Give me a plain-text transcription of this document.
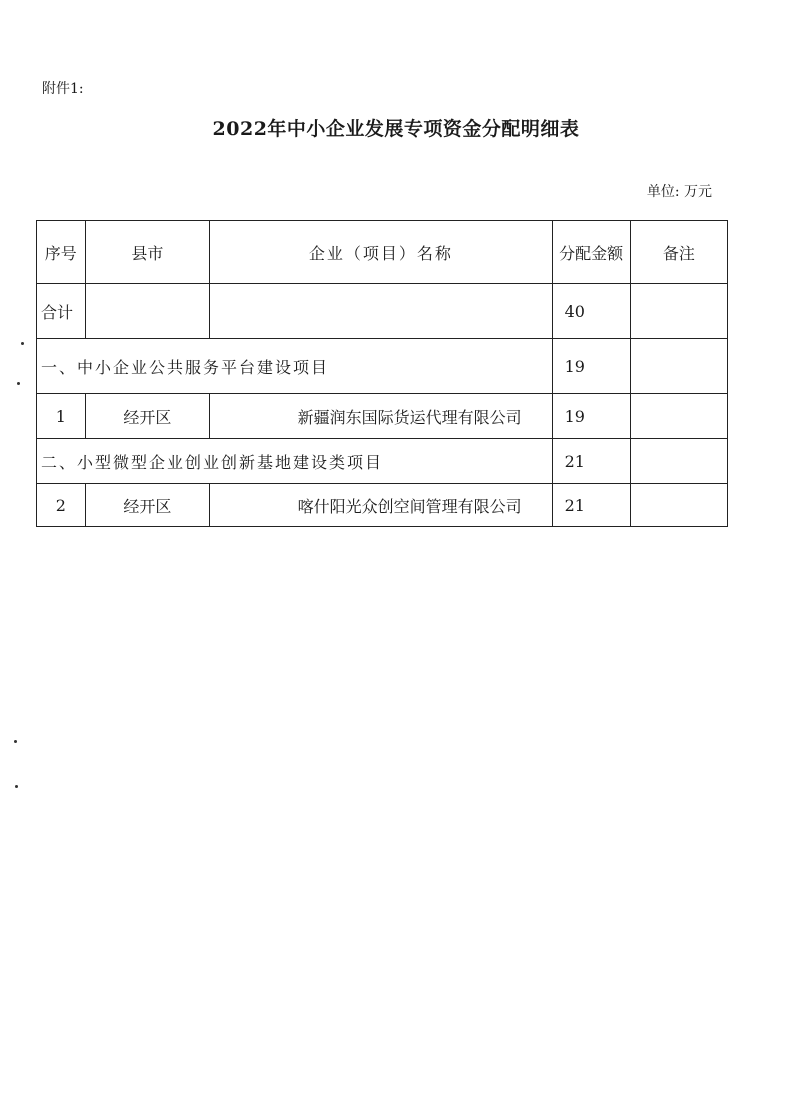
附件1:
2022年中小企业发展专项资金分配明细表
单位: 万元
序号	县市	企业（项目）名称	分配金额	备注
合计			40	
一、中小企业公共服务平台建设项目			19	
1	经开区	新疆润东国际货运代理有限公司	19	
二、小型微型企业创业创新基地建设类项目			21	
2	经开区	喀什阳光众创空间管理有限公司	21	
